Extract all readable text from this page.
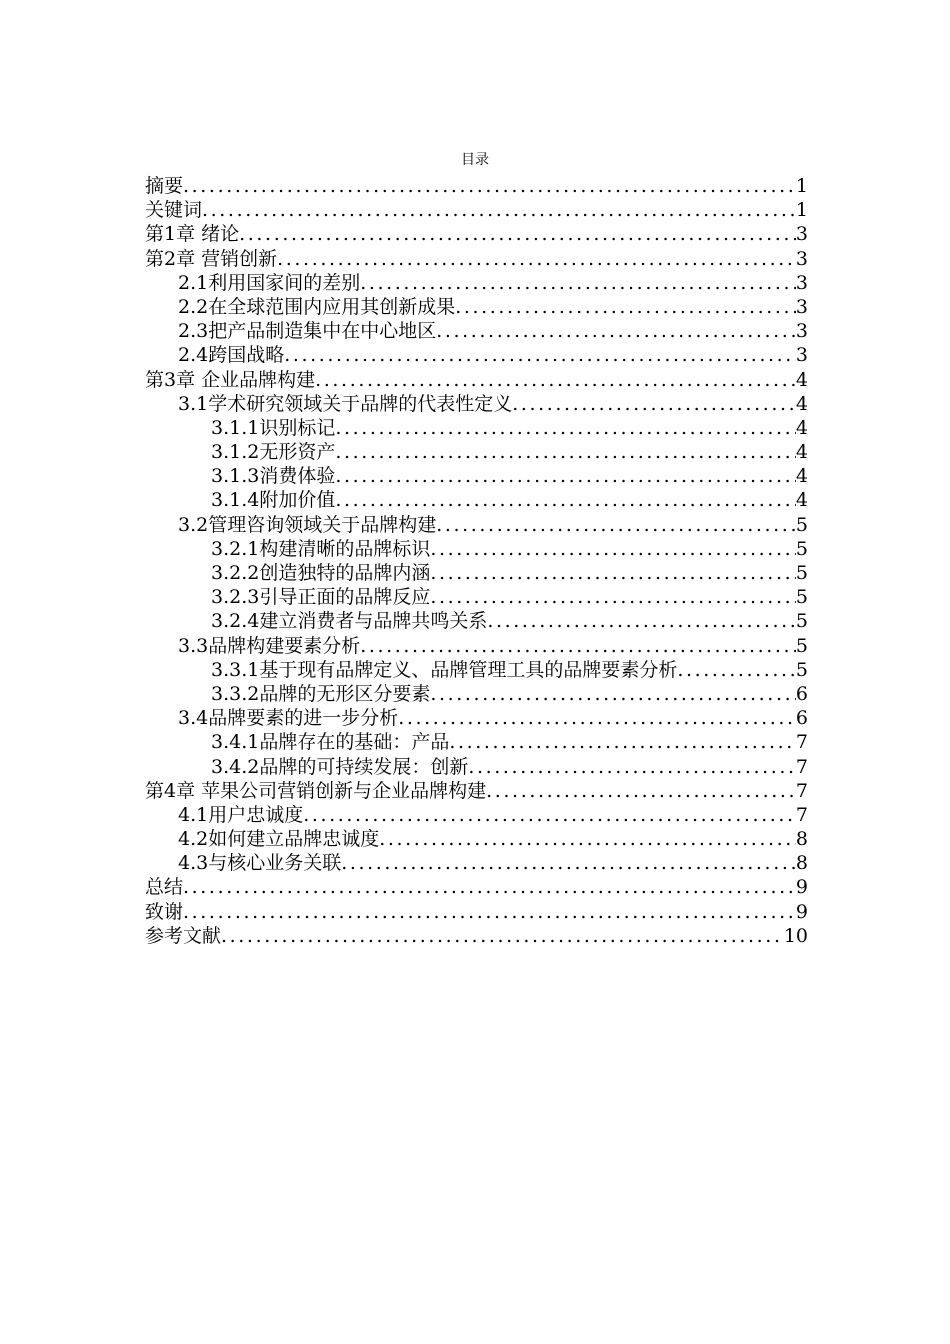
目录
摘要 .....	1
关键词 .....	1
第1章 绪论 .....	3
第2章 营销创新 .....	3
2.1利用国家间的差别 .....	3
2.2在全球范围内应用其创新成果 .....	3
2.3把产品制造集中在中心地区 .....	3
2.4跨国战略 .....	3
第3章 企业品牌构建 .....	4
3.1学术研究领域关于品牌的代表性定义 .....	4
3.1.1识别标记 .....	4
3.1.2无形资产 .....	4
3.1.3消费体验 .....	4
3.1.4附加价值 .....	4
3.2管理咨询领域关于品牌构建 .....	5
3.2.1构建清晰的品牌标识 .....	5
3.2.2创造独特的品牌内涵 .....	5
3.2.3引导正面的品牌反应 .....	5
3.2.4建立消费者与品牌共鸣关系 .....	5
3.3品牌构建要素分析 .....	5
3.3.1基于现有品牌定义、品牌管理工具的品牌要素分析 .....	5
3.3.2品牌的无形区分要素 .....	6
3.4品牌要素的进一步分析 .....	6
3.4.1品牌存在的基础：产品 .....	7
3.4.2品牌的可持续发展：创新 .....	7
第4章 苹果公司营销创新与企业品牌构建 .....	7
4.1用户忠诚度 .....	7
4.2如何建立品牌忠诚度 .....	8
4.3与核心业务关联 .....	8
总结 .....	9
致谢 .....	9
参考文献 .....	10
